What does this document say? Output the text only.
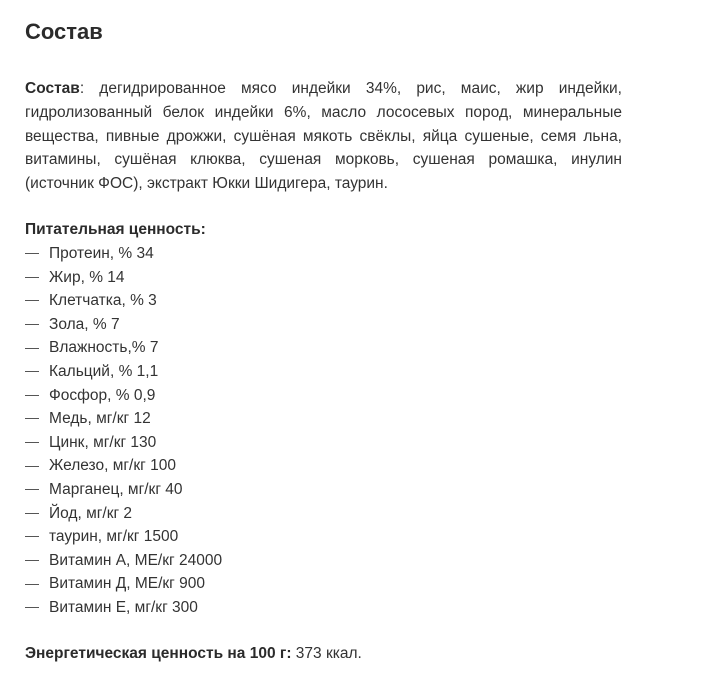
Состав

Состав: дегидрированное мясо индейки 34%, рис, маис, жир индейки, гидролизованный белок индейки 6%, масло лососевых пород, минеральные вещества, пивные дрожжи, сушёная мякоть свёклы, яйца сушеные, семя льна, витамины, сушёная клюква, сушеная морковь, сушеная ромашка, инулин (источник ФОС), экстракт Юкки Шидигера, таурин.

Питательная ценность:

Протеин, % 34
Жир, % 14
Клетчатка, % 3
Зола, % 7
Влажность,% 7
Кальций, % 1,1
Фосфор, % 0,9
Медь, мг/кг 12
Цинк, мг/кг 130
Железо, мг/кг 100
Марганец, мг/кг 40
Йод, мг/кг 2
таурин, мг/кг 1500
Витамин А, МЕ/кг 24000
Витамин Д, МЕ/кг 900
Витамин Е, мг/кг 300

Энергетическая ценность на 100 г: 373 ккал.
